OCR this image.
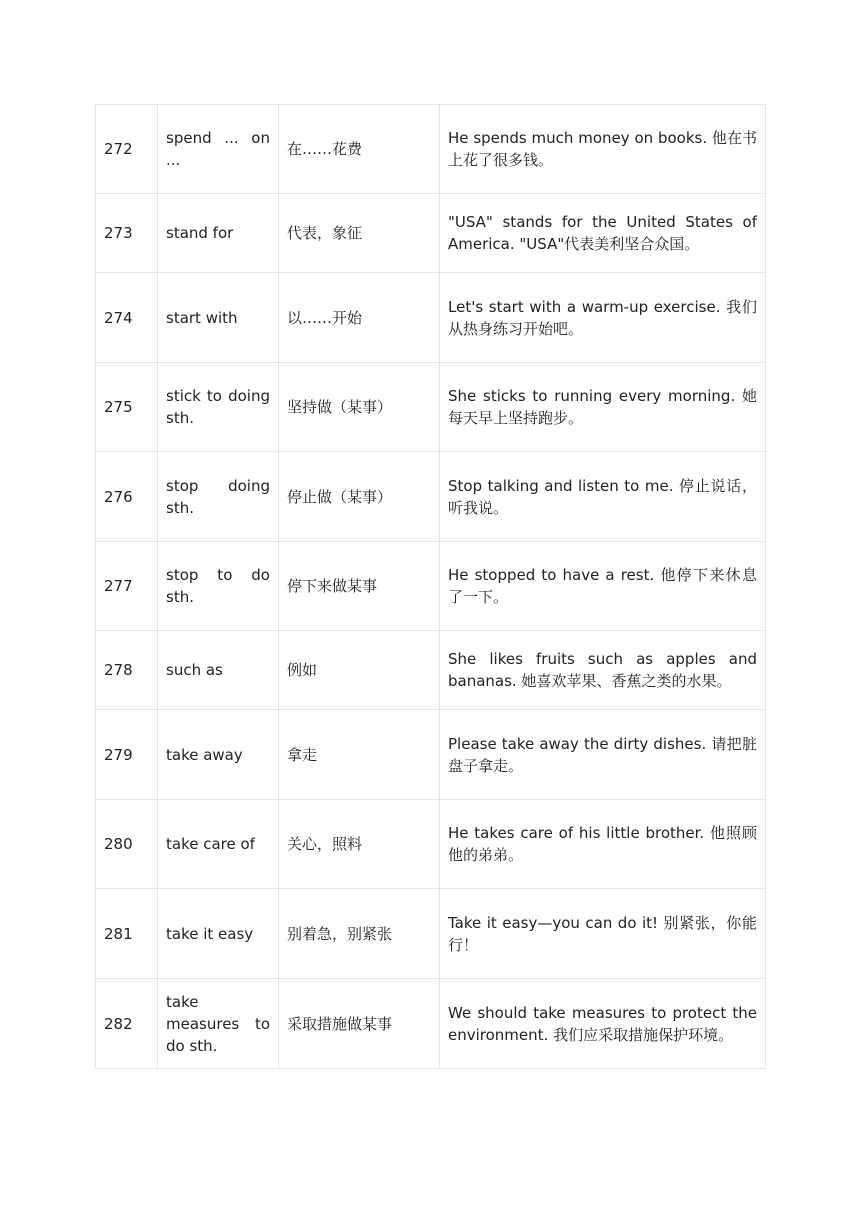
272	spend ... on ...	在……花费	He spends much money on books. 他在书上花了很多钱。
273	stand for	代表，象征	"USA" stands for the United States of America. "USA"代表美利坚合众国。
274	start with	以……开始	Let's start with a warm-up exercise. 我们从热身练习开始吧。
275	stick to doing sth.	坚持做（某事）	She sticks to running every morning. 她每天早上坚持跑步。
276	stop doing sth.	停止做（某事）	Stop talking and listen to me. 停止说话，听我说。
277	stop to do sth.	停下来做某事	He stopped to have a rest. 他停下来休息了一下。
278	such as	例如	She likes fruits such as apples and bananas. 她喜欢苹果、香蕉之类的水果。
279	take away	拿走	Please take away the dirty dishes. 请把脏盘子拿走。
280	take care of	关心，照料	He takes care of his little brother. 他照顾他的弟弟。
281	take it easy	别着急，别紧张	Take it easy—you can do it! 别紧张，你能行！
282	take measures to do sth.	采取措施做某事	We should take measures to protect the environment. 我们应采取措施保护环境。
